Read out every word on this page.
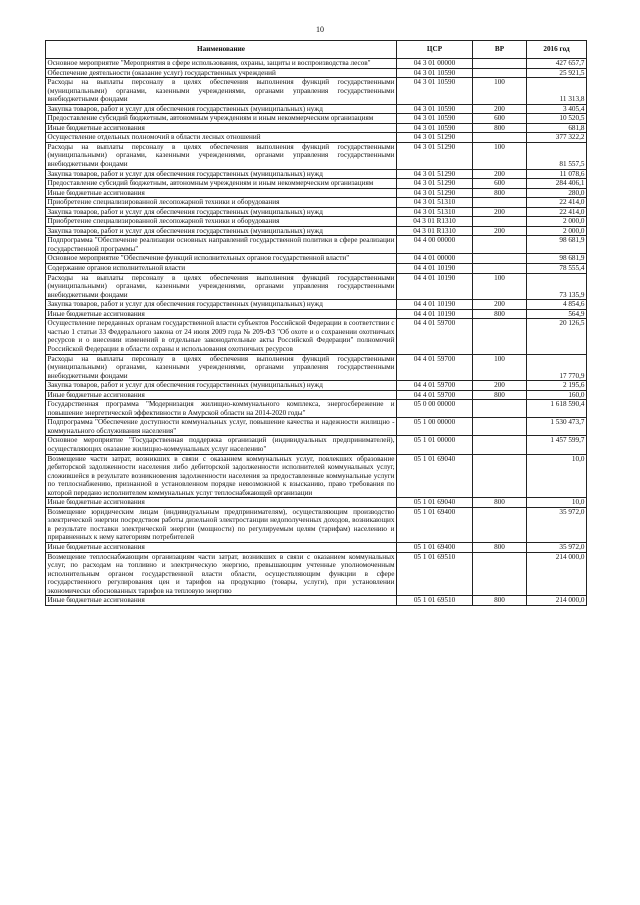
10
Наименование	ЦСР	ВР	2016 год
Основное мероприятие "Мероприятия в сфере использования, охраны, защиты и воспроизводства лесов"	04 3 01 00000		427 657,7
Обеспечение деятельности (оказание услуг) государственных учреждений	04 3 01 10590		25 921,5
Расходы на выплаты персоналу в целях обеспечения выполнения функций государственными (муниципальными) органами, казенными учреждениями, органами управления государственными внебюджетными фондами	04 3 01 10590	100	11 313,8
Закупка товаров, работ и услуг для обеспечения государственных (муниципальных) нужд	04 3 01 10590	200	3 405,4
Предоставление субсидий бюджетным, автономным учреждениям и иным некоммерческим организациям	04 3 01 10590	600	10 520,5
Иные бюджетные ассигнования	04 3 01 10590	800	681,8
Осуществление отдельных полномочий в области лесных отношений	04 3 01 51290		377 322,2
Расходы на выплаты персоналу в целях обеспечения выполнения функций государственными (муниципальными) органами, казенными учреждениями, органами управления государственными внебюджетными фондами	04 3 01 51290	100	81 557,5
Закупка товаров, работ и услуг для обеспечения государственных (муниципальных) нужд	04 3 01 51290	200	11 078,6
Предоставление субсидий бюджетным, автономным учреждениям и иным некоммерческим организациям	04 3 01 51290	600	284 406,1
Иные бюджетные ассигнования	04 3 01 51290	800	280,0
Приобретение специализированной лесопожарной техники и оборудования	04 3 01 51310		22 414,0
Закупка товаров, работ и услуг для обеспечения государственных (муниципальных) нужд	04 3 01 51310	200	22 414,0
Приобретение специализированной лесопожарной техники и оборудования	04 3 01 R1310		2 000,0
Закупка товаров, работ и услуг для обеспечения государственных (муниципальных) нужд	04 3 01 R1310	200	2 000,0
Подпрограмма "Обеспечение реализации основных направлений государственной политики в сфере реализации государственной программы"	04 4 00 00000		98 681,9
Основное мероприятие "Обеспечение функций исполнительных органов государственной власти"	04 4 01 00000		98 681,9
Содержание органов исполнительной власти	04 4 01 10190		78 555,4
Расходы на выплаты персоналу в целях обеспечения выполнения функций государственными (муниципальными) органами, казенными учреждениями, органами управления государственными внебюджетными фондами	04 4 01 10190	100	73 135,9
Закупка товаров, работ и услуг для обеспечения государственных (муниципальных) нужд	04 4 01 10190	200	4 854,6
Иные бюджетные ассигнования	04 4 01 10190	800	564,9
Осуществление переданных органам государственной власти субъектов Российской Федерации в соответствии с частью 1 статьи 33 Федерального закона от 24 июля 2009 года № 209-ФЗ "Об охоте и о сохранении охотничьих ресурсов и о внесении изменений в отдельные законодательные акты Российской Федерации" полномочий Российской Федерации в области охраны и использования охотничьих ресурсов	04 4 01 59700		20 126,5
Расходы на выплаты персоналу в целях обеспечения выполнения функций государственными (муниципальными) органами, казенными учреждениями, органами управления государственными внебюджетными фондами	04 4 01 59700	100	17 770,9
Закупка товаров, работ и услуг для обеспечения государственных (муниципальных) нужд	04 4 01 59700	200	2 195,6
Иные бюджетные ассигнования	04 4 01 59700	800	160,0
Государственная программа "Модернизация жилищно-коммунального комплекса, энергосбережение и повышение энергетической эффективности в Амурской области на 2014-2020 годы"	05 0 00 00000		1 618 590,4
Подпрограмма "Обеспечение доступности коммунальных услуг, повышение качества и надежности жилищно - коммунального обслуживания населения"	05 1 00 00000		1 530 473,7
Основное мероприятие "Государственная поддержка организаций (индивидуальных предпринимателей), осуществляющих оказание жилищно-коммунальных услуг населению"	05 1 01 00000		1 457 599,7
Возмещение части затрат, возникших в связи с оказанием коммунальных услуг, повлекших образование дебиторской задолженности населения либо дебиторской задолженности исполнителей коммунальных услуг, сложившейся в результате возникновения задолженности населения за предоставленные коммунальные услуги по теплоснабжению, признанной в установленном порядке невозможной к взысканию, право требования по которой передано исполнителем коммунальных услуг теплоснабжающей организации	05 1 01 69040		10,0
Иные бюджетные ассигнования	05 1 01 69040	800	10,0
Возмещение юридическим лицам (индивидуальным предпринимателям), осуществляющим производство электрической энергии посредством работы дизельной электростанции недополученных доходов, возникающих в результате поставки электрической энергии (мощности) по регулируемым целям (тарифам) населению и приравненных к нему категориям потребителей	05 1 01 69400		35 972,0
Иные бюджетные ассигнования	05 1 01 69400	800	35 972,0
Возмещение теплоснабжающим организациям части затрат, возникших в связи с оказанием коммунальных услуг, по расходам на топливно и электрическую энергию, превышающим учтенные уполномоченным исполнительным органом государственной власти области, осуществляющим функции в сфере государственного регулирования цен и тарифов на продукцию (товары, услуги), при установлении экономически обоснованных тарифов на тепловую энергию	05 1 01 69510		214 000,0
Иные бюджетные ассигнования	05 1 01 69510	800	214 000,0
